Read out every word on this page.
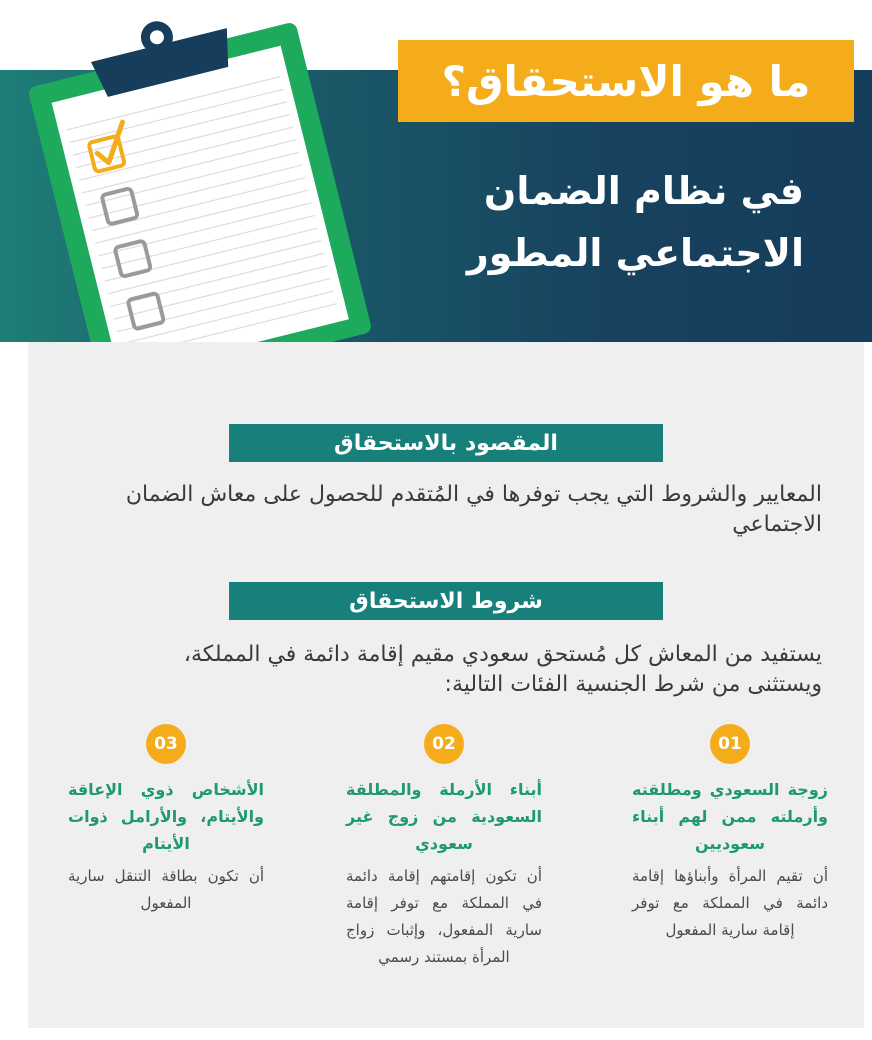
ما هو الاستحقاق؟
في نظام الضمان
الاجتماعي المطور
المقصود بالاستحقاق
المعايير والشروط التي يجب توفرها في المُتقدم للحصول على معاش الضمان الاجتماعي
شروط الاستحقاق
يستفيد من المعاش كل مُستحق سعودي مقيم إقامة دائمة في المملكة، ويستثنى من شرط الجنسية الفئات التالية:
01
زوجة السعودي ومطلقته وأرملته ممن لهم أبناء سعوديين
أن تقيم المرأة وأبناؤها إقامة دائمة في المملكة مع توفر إقامة سارية المفعول
02
أبناء الأرملة والمطلقة السعودية من زوج غير سعودي
أن تكون إقامتهم إقامة دائمة في المملكة مع توفر إقامة سارية المفعول، وإثبات زواج المرأة بمستند رسمي
03
الأشخاص ذوي الإعاقة والأيتام، والأرامل ذوات الأيتام
أن تكون بطاقة التنقل سارية المفعول
